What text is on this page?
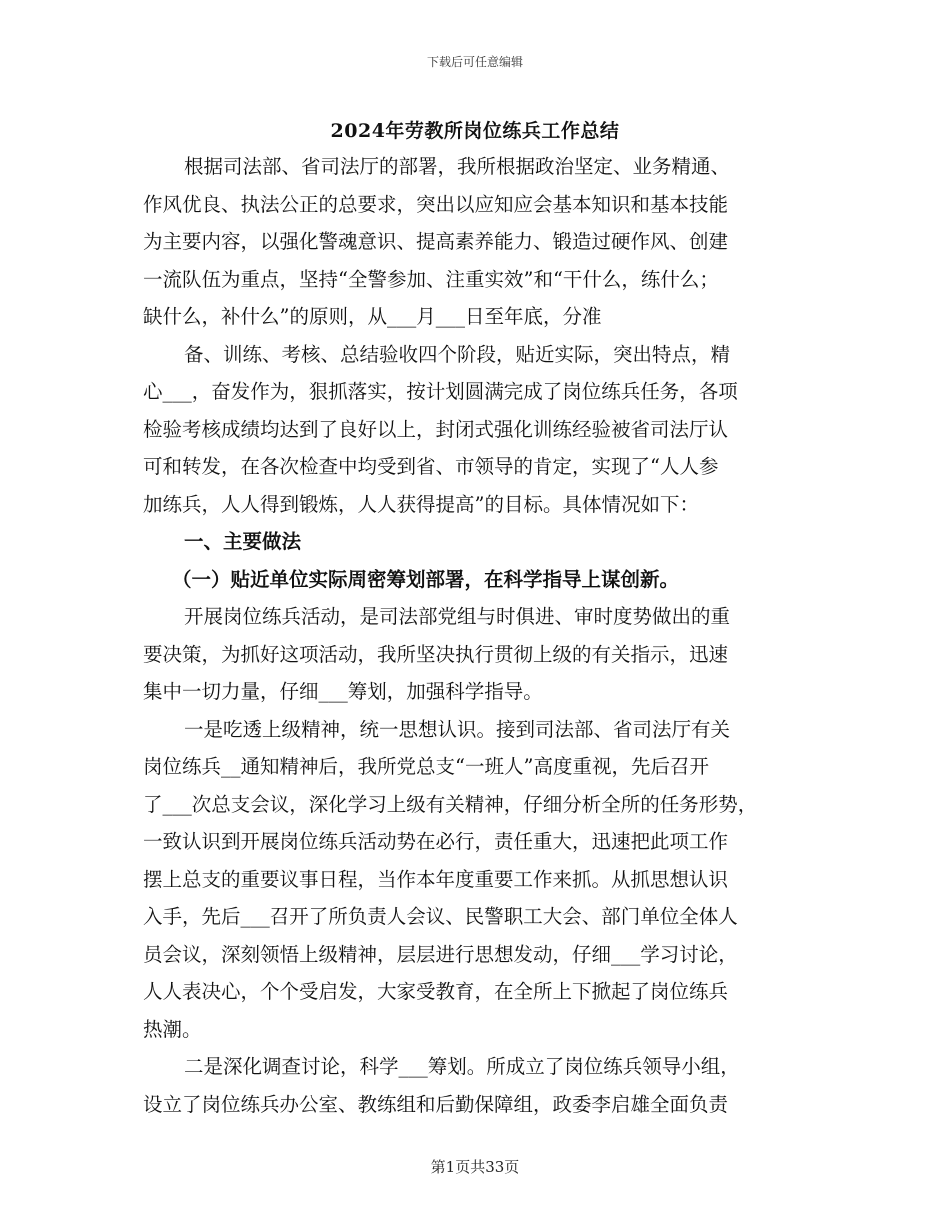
下载后可任意编辑
2024年劳教所岗位练兵工作总结
根据司法部、省司法厅的部署，我所根据政治坚定、业务精通、
作风优良、执法公正的总要求，突出以应知应会基本知识和基本技能
为主要内容，以强化警魂意识、提高素养能力、锻造过硬作风、创建
一流队伍为重点，坚持“全警参加、注重实效”和“干什么，练什么；
缺什么，补什么”的原则，从___月___日至年底，分准
备、训练、考核、总结验收四个阶段，贴近实际，突出特点，精
心___，奋发作为，狠抓落实，按计划圆满完成了岗位练兵任务，各项
检验考核成绩均达到了良好以上，封闭式强化训练经验被省司法厅认
可和转发，在各次检查中均受到省、市领导的肯定，实现了“人人参
加练兵，人人得到锻炼，人人获得提高”的目标。具体情况如下：
一、主要做法
（一）贴近单位实际周密筹划部署，在科学指导上谋创新。
开展岗位练兵活动，是司法部党组与时俱进、审时度势做出的重
要决策，为抓好这项活动，我所坚决执行贯彻上级的有关指示，迅速
集中一切力量，仔细___筹划，加强科学指导。
一是吃透上级精神，统一思想认识。接到司法部、省司法厅有关
岗位练兵__通知精神后，我所党总支“一班人”高度重视，先后召开
了___次总支会议，深化学习上级有关精神，仔细分析全所的任务形势，
一致认识到开展岗位练兵活动势在必行，责任重大，迅速把此项工作
摆上总支的重要议事日程，当作本年度重要工作来抓。从抓思想认识
入手，先后___召开了所负责人会议、民警职工大会、部门单位全体人
员会议，深刻领悟上级精神，层层进行思想发动，仔细___学习讨论，
人人表决心，个个受启发，大家受教育，在全所上下掀起了岗位练兵
热潮。
二是深化调查讨论，科学___筹划。所成立了岗位练兵领导小组，
设立了岗位练兵办公室、教练组和后勤保障组，政委李启雄全面负责
第1页共33页
